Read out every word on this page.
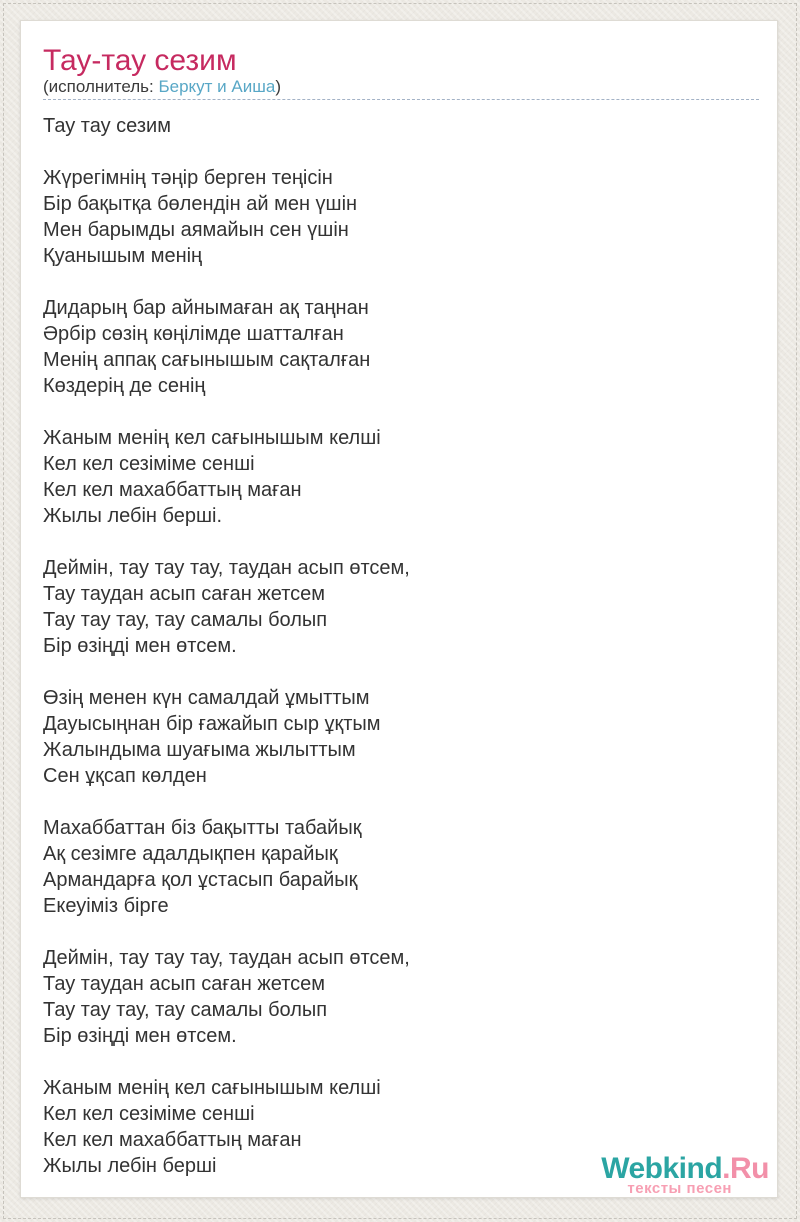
Тау-тау сезим
(исполнитель: Беркут и Аиша)
Тау тау сезим
Жүрегімнің тәңір берген теңісін
Бір бақытқа бөлендін ай мен үшін
Мен барымды аямайын сен үшін
Қуанышым менің
Дидарың бар айнымаған ақ таңнан
Әрбір сөзің көңілімде шатталған
Менің аппақ сағынышым сақталған
Көздерің де сенің
Жаным менің кел сағынышым келші
Кел кел сезіміме сенші
Кел кел махаббаттың маған
Жылы лебін берші.
Деймін, тау тау тау, таудан асып өтсем,
Тау таудан асып саған жетсем
Тау тау тау, тау самалы болып
Бір өзіңді мен өтсем.
Өзің менен күн самалдай ұмыттым
Дауысыңнан бір ғажайып сыр ұқтым
Жалындыма шуағыма жылыттым
Сен ұқсап көлден
Махаббаттан біз бақытты табайық
Ақ сезімге адалдықпен қарайық
Армандарға қол ұстасып барайық
Екеуіміз бірге
Деймін, тау тау тау, таудан асып өтсем,
Тау таудан асып саған жетсем
Тау тау тау, тау самалы болып
Бір өзіңді мен өтсем.
Жаным менің кел сағынышым келші
Кел кел сезіміме сенші
Кел кел махаббаттың маған
Жылы лебін берші	Webkind.Ru
тексты песен
